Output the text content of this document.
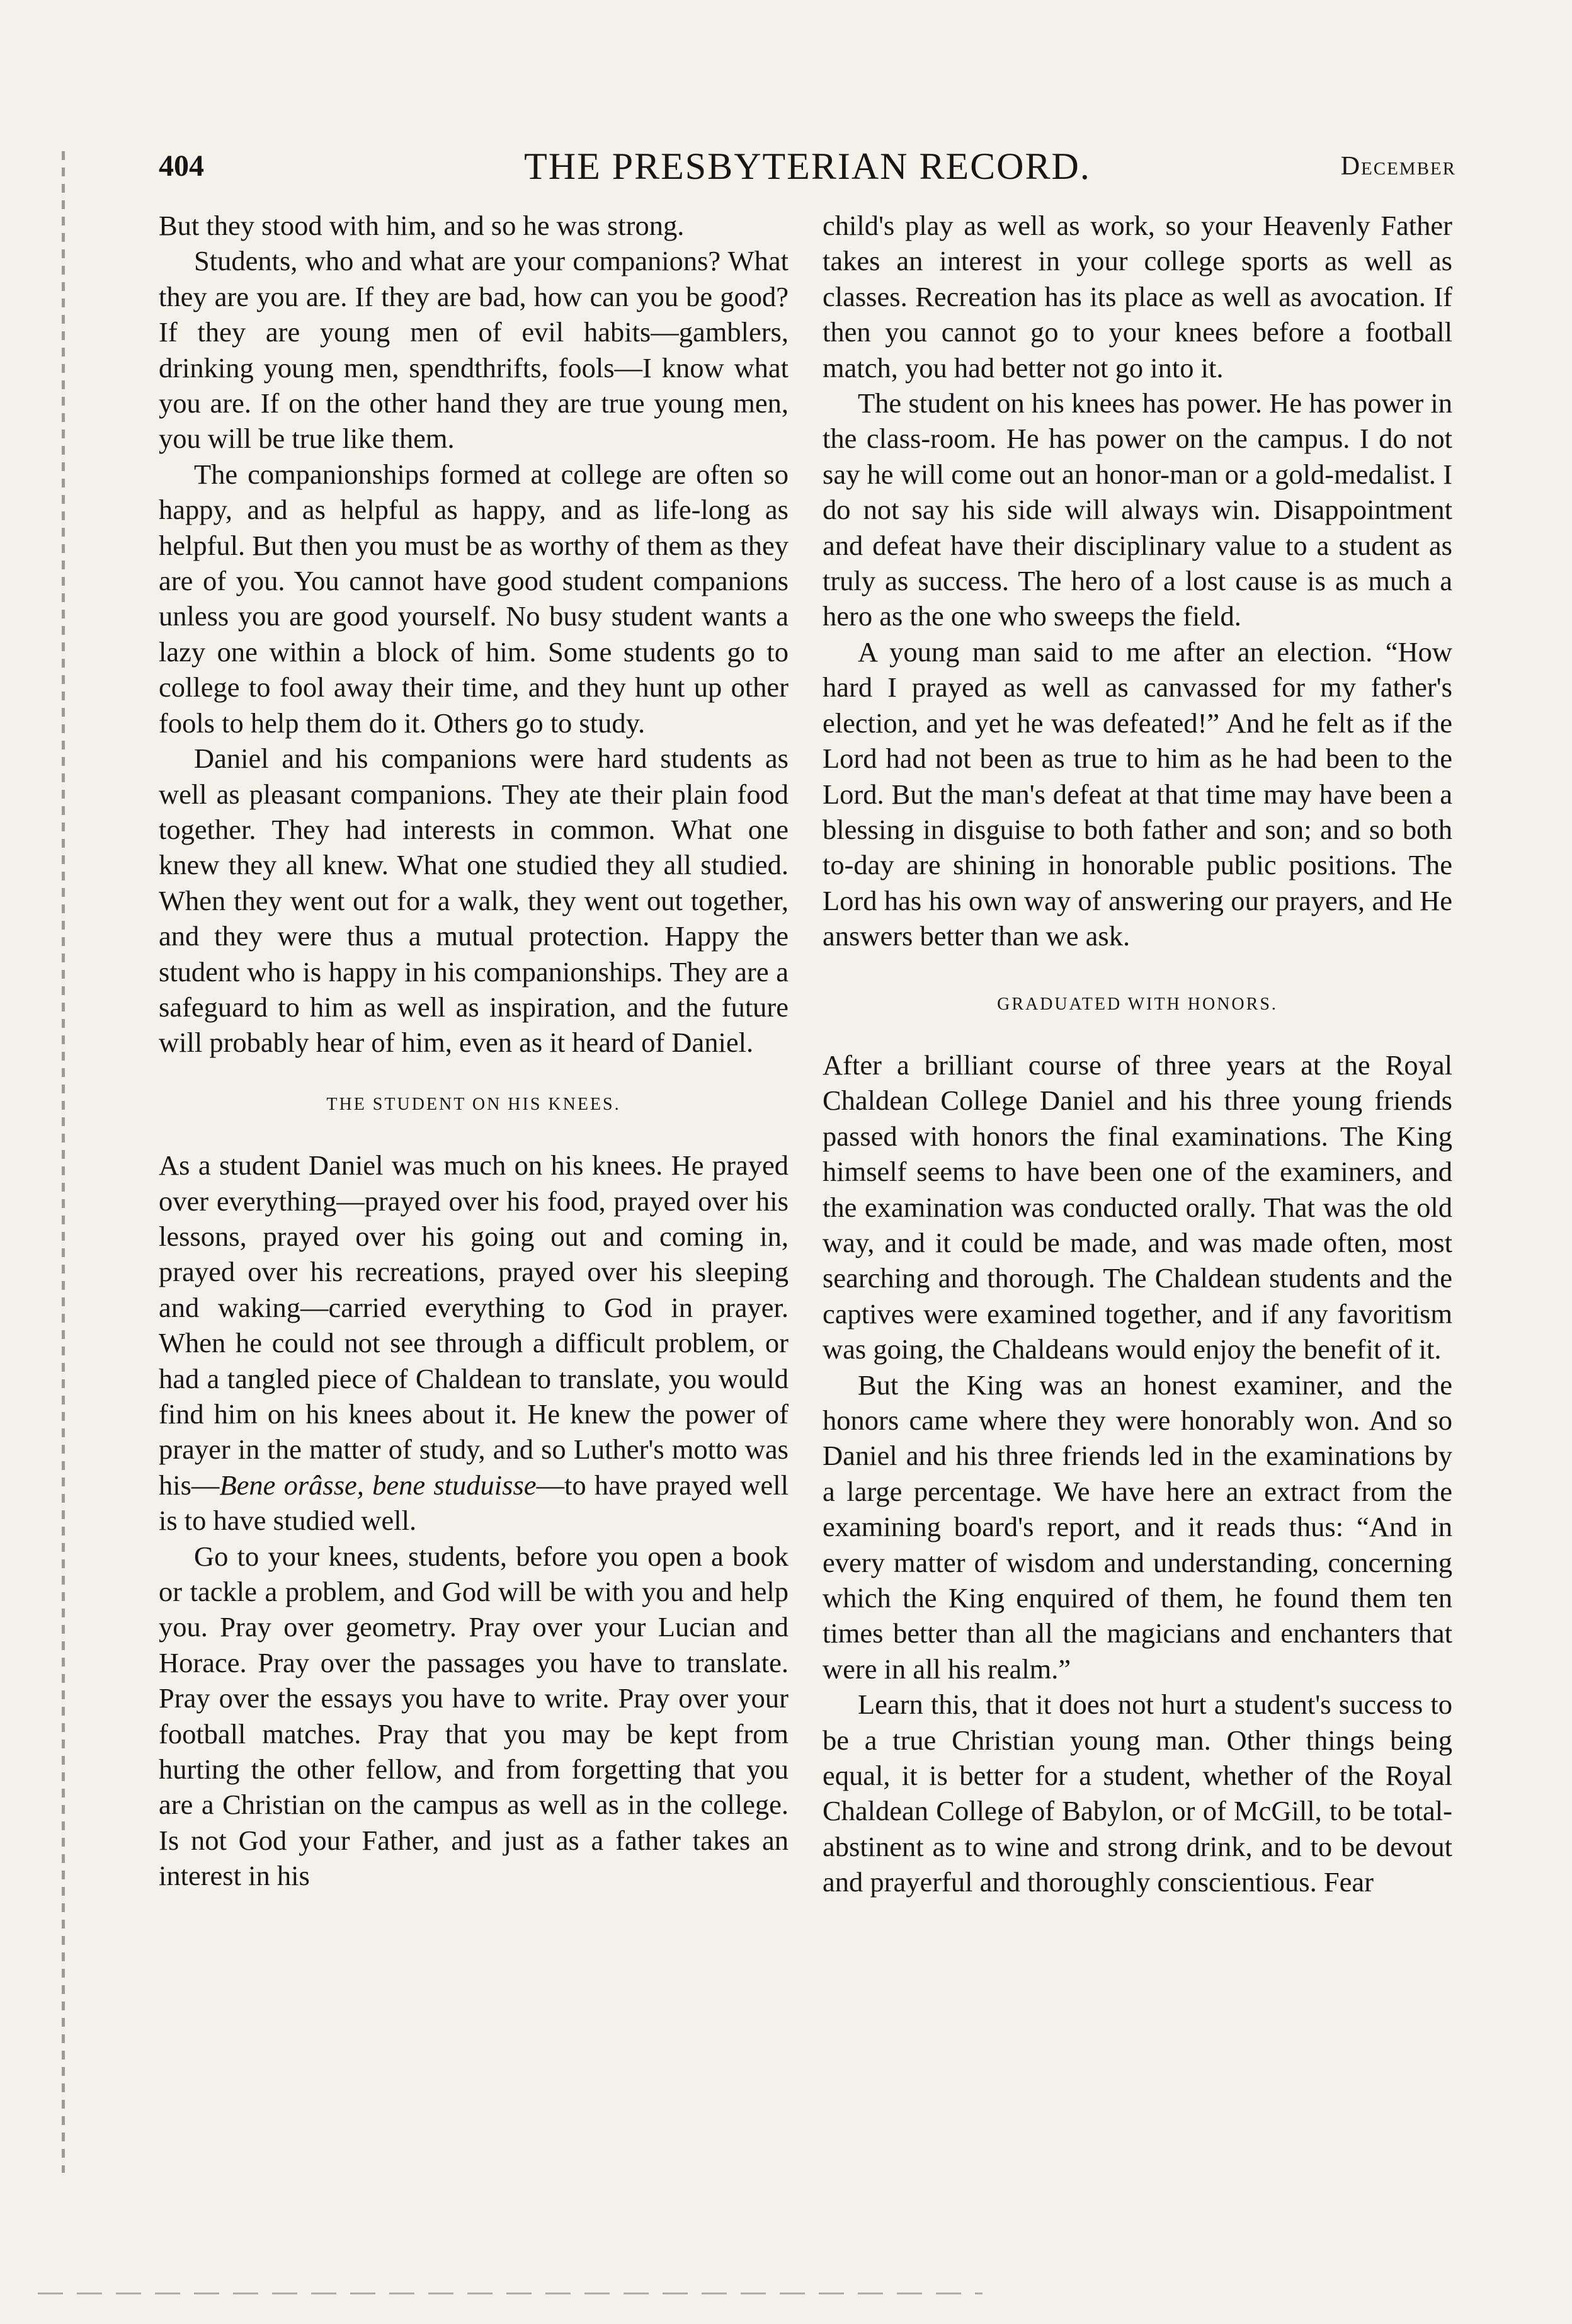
404	THE PRESBYTERIAN RECORD.	December

But they stood with him, and so he was strong.

Students, who and what are your companions? What they are you are. If they are bad, how can you be good? If they are young men of evil habits—gamblers, drinking young men, spendthrifts, fools—I know what you are. If on the other hand they are true young men, you will be true like them.

The companionships formed at college are often so happy, and as helpful as happy, and as life-long as helpful. But then you must be as worthy of them as they are of you. You cannot have good student companions unless you are good yourself. No busy student wants a lazy one within a block of him. Some students go to college to fool away their time, and they hunt up other fools to help them do it. Others go to study.

Daniel and his companions were hard students as well as pleasant companions. They ate their plain food together. They had interests in common. What one knew they all knew. What one studied they all studied. When they went out for a walk, they went out together, and they were thus a mutual protection. Happy the student who is happy in his companionships. They are a safeguard to him as well as inspiration, and the future will probably hear of him, even as it heard of Daniel.

THE STUDENT ON HIS KNEES.

As a student Daniel was much on his knees. He prayed over everything—prayed over his food, prayed over his lessons, prayed over his going out and coming in, prayed over his recreations, prayed over his sleeping and waking—carried everything to God in prayer. When he could not see through a difficult problem, or had a tangled piece of Chaldean to translate, you would find him on his knees about it. He knew the power of prayer in the matter of study, and so Luther's motto was his—Bene orâsse, bene studuisse—to have prayed well is to have studied well.

Go to your knees, students, before you open a book or tackle a problem, and God will be with you and help you. Pray over geometry. Pray over your Lucian and Horace. Pray over the passages you have to translate. Pray over the essays you have to write. Pray over your football matches. Pray that you may be kept from hurting the other fellow, and from forgetting that you are a Christian on the campus as well as in the college. Is not God your Father, and just as a father takes an interest in his

child's play as well as work, so your Heavenly Father takes an interest in your college sports as well as classes. Recreation has its place as well as avocation. If then you cannot go to your knees before a football match, you had better not go into it.

The student on his knees has power. He has power in the class-room. He has power on the campus. I do not say he will come out an honor-man or a gold-medalist. I do not say his side will always win. Disappointment and defeat have their disciplinary value to a student as truly as success. The hero of a lost cause is as much a hero as the one who sweeps the field.

A young man said to me after an election. “How hard I prayed as well as canvassed for my father's election, and yet he was defeated!” And he felt as if the Lord had not been as true to him as he had been to the Lord. But the man's defeat at that time may have been a blessing in disguise to both father and son; and so both to-day are shining in honorable public positions. The Lord has his own way of answering our prayers, and He answers better than we ask.

GRADUATED WITH HONORS.

After a brilliant course of three years at the Royal Chaldean College Daniel and his three young friends passed with honors the final examinations. The King himself seems to have been one of the examiners, and the examination was conducted orally. That was the old way, and it could be made, and was made often, most searching and thorough. The Chaldean students and the captives were examined together, and if any favoritism was going, the Chaldeans would enjoy the benefit of it.

But the King was an honest examiner, and the honors came where they were honorably won. And so Daniel and his three friends led in the examinations by a large percentage. We have here an extract from the examining board's report, and it reads thus: “And in every matter of wisdom and understanding, concerning which the King enquired of them, he found them ten times better than all the magicians and enchanters that were in all his realm.”

Learn this, that it does not hurt a student's success to be a true Christian young man. Other things being equal, it is better for a student, whether of the Royal Chaldean College of Babylon, or of McGill, to be total-abstinent as to wine and strong drink, and to be devout and prayerful and thoroughly conscientious. Fear
